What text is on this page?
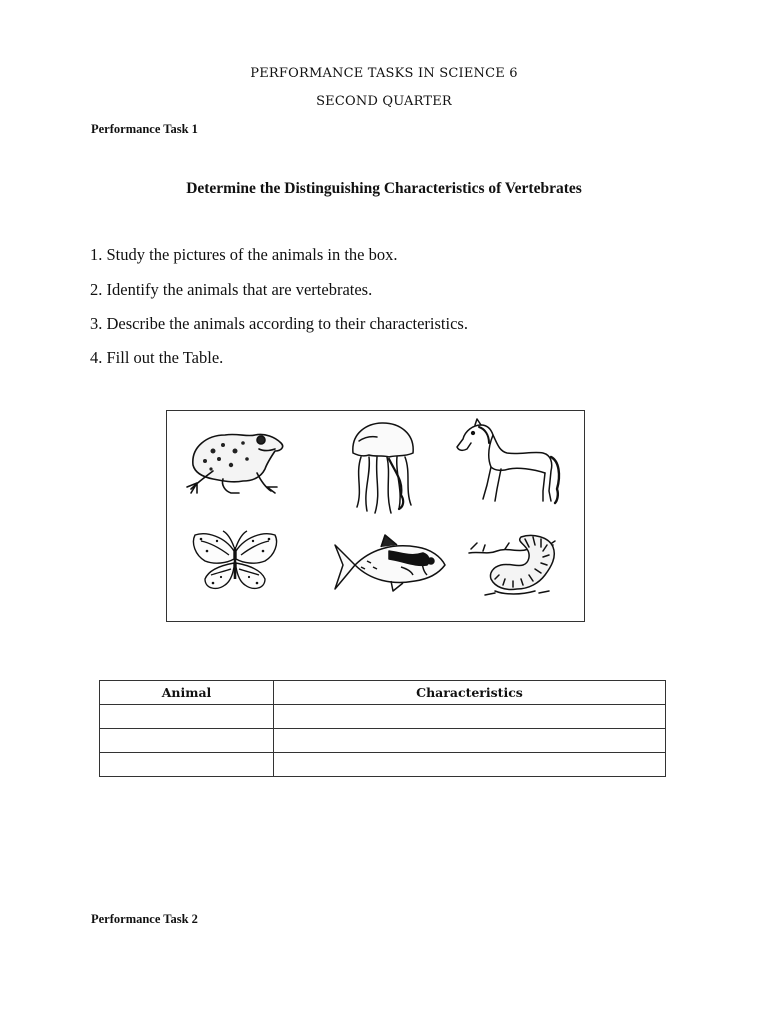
PERFORMANCE TASKS IN SCIENCE 6
SECOND QUARTER
Performance Task 1
Determine the Distinguishing Characteristics of Vertebrates
1. Study the pictures of the animals in the box.
2. Identify the animals that are vertebrates.
3. Describe the animals according to their characteristics.
4. Fill out the Table.
Animal	Characteristics

Performance Task 2
